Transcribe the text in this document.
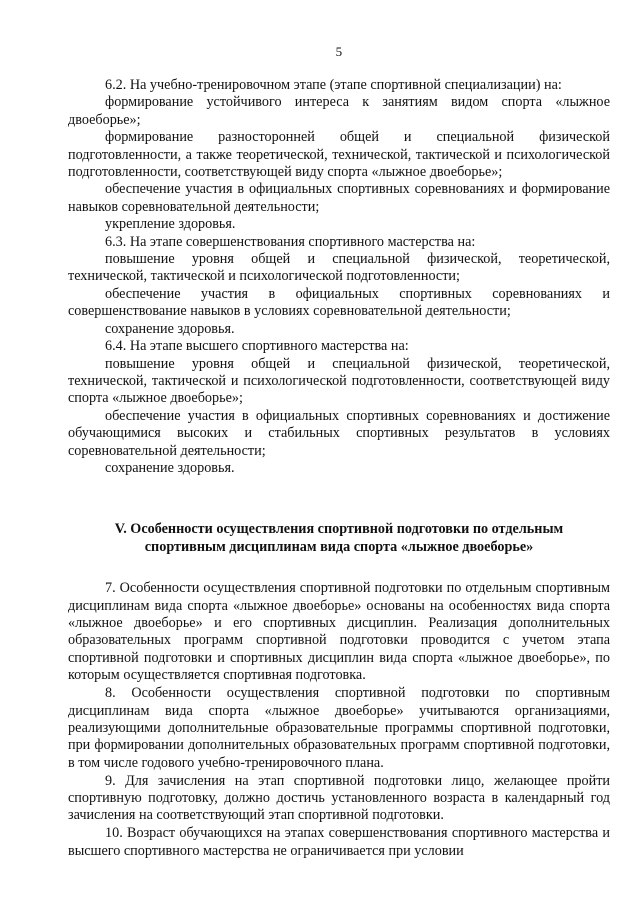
5

6.2. На учебно-тренировочном этапе (этапе спортивной специализации) на:

формирование устойчивого интереса к занятиям видом спорта «лыжное двоеборье»;

формирование разносторонней общей и специальной физической подготовленности, а также теоретической, технической, тактической и психологической подготовленности, соответствующей виду спорта «лыжное двоеборье»;

обеспечение участия в официальных спортивных соревнованиях и формирование навыков соревновательной деятельности;

укрепление здоровья.

6.3. На этапе совершенствования спортивного мастерства на:

повышение уровня общей и специальной физической, теоретической, технической, тактической и психологической подготовленности;

обеспечение участия в официальных спортивных соревнованиях и совершенствование навыков в условиях соревновательной деятельности;

сохранение здоровья.

6.4. На этапе высшего спортивного мастерства на:

повышение уровня общей и специальной физической, теоретической, технической, тактической и психологической подготовленности, соответствующей виду спорта «лыжное двоеборье»;

обеспечение участия в официальных спортивных соревнованиях и достижение обучающимися высоких и стабильных спортивных результатов в условиях соревновательной деятельности;

сохранение здоровья.

V. Особенности осуществления спортивной подготовки по отдельным
спортивным дисциплинам вида спорта «лыжное двоеборье»

7. Особенности осуществления спортивной подготовки по отдельным спортивным дисциплинам вида спорта «лыжное двоеборье» основаны на особенностях вида спорта «лыжное двоеборье» и его спортивных дисциплин. Реализация дополнительных образовательных программ спортивной подготовки проводится с учетом этапа спортивной подготовки и спортивных дисциплин вида спорта «лыжное двоеборье», по которым осуществляется спортивная подготовка.

8. Особенности осуществления спортивной подготовки по спортивным дисциплинам вида спорта «лыжное двоеборье» учитываются организациями, реализующими дополнительные образовательные программы спортивной подготовки, при формировании дополнительных образовательных программ спортивной подготовки, в том числе годового учебно-тренировочного плана.

9. Для зачисления на этап спортивной подготовки лицо, желающее пройти спортивную подготовку, должно достичь установленного возраста в календарный год зачисления на соответствующий этап спортивной подготовки.

10. Возраст обучающихся на этапах совершенствования спортивного мастерства и высшего спортивного мастерства не ограничивается при условии
